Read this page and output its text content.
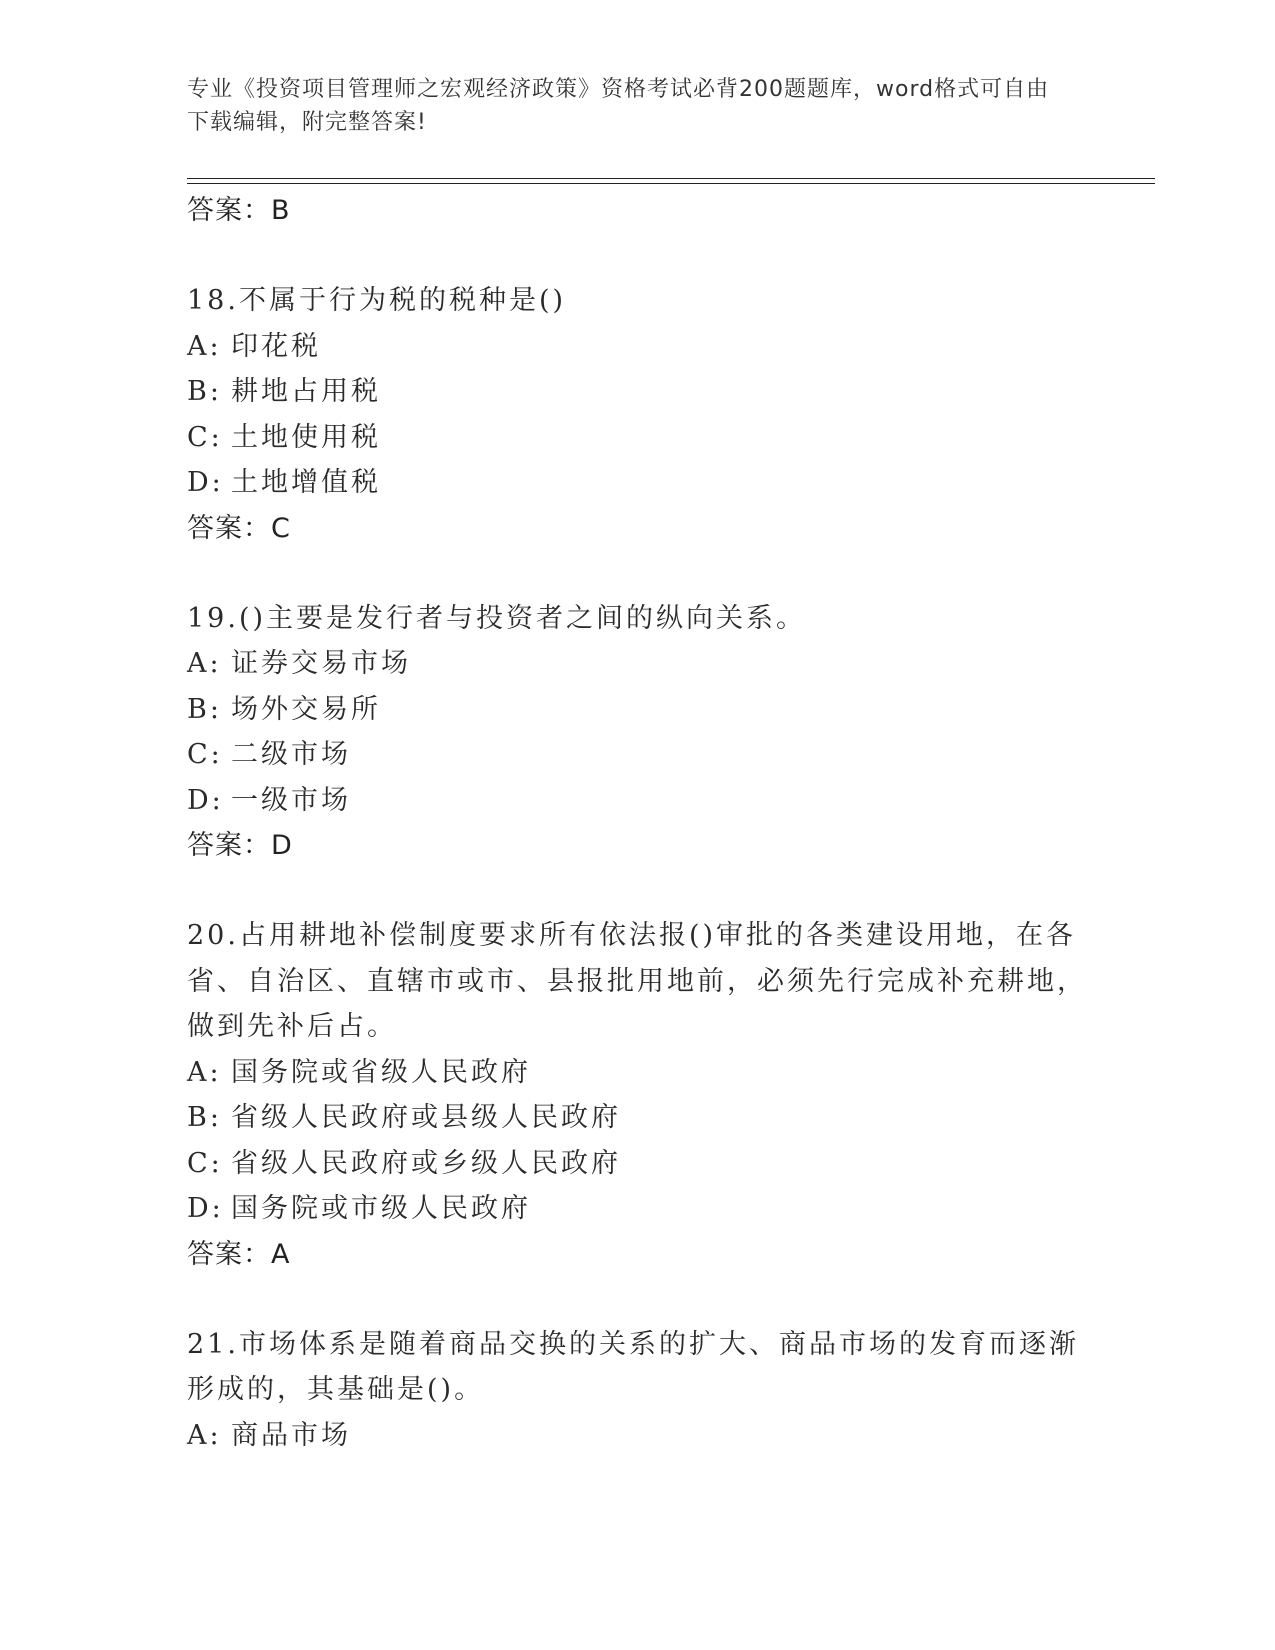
专业《投资项目管理师之宏观经济政策》资格考试必背200题题库，word格式可自由下载编辑，附完整答案!
答案：B
18.不属于行为税的税种是()
A: 印花税
B: 耕地占用税
C: 土地使用税
D: 土地增值税
答案：C
19.()主要是发行者与投资者之间的纵向关系。
A: 证券交易市场
B: 场外交易所
C: 二级市场
D: 一级市场
答案：D
20.占用耕地补偿制度要求所有依法报()审批的各类建设用地，在各省、自治区、直辖市或市、县报批用地前，必须先行完成补充耕地，做到先补后占。
A: 国务院或省级人民政府
B: 省级人民政府或县级人民政府
C: 省级人民政府或乡级人民政府
D: 国务院或市级人民政府
答案：A
21.市场体系是随着商品交换的关系的扩大、商品市场的发育而逐渐形成的，其基础是()。
A: 商品市场
